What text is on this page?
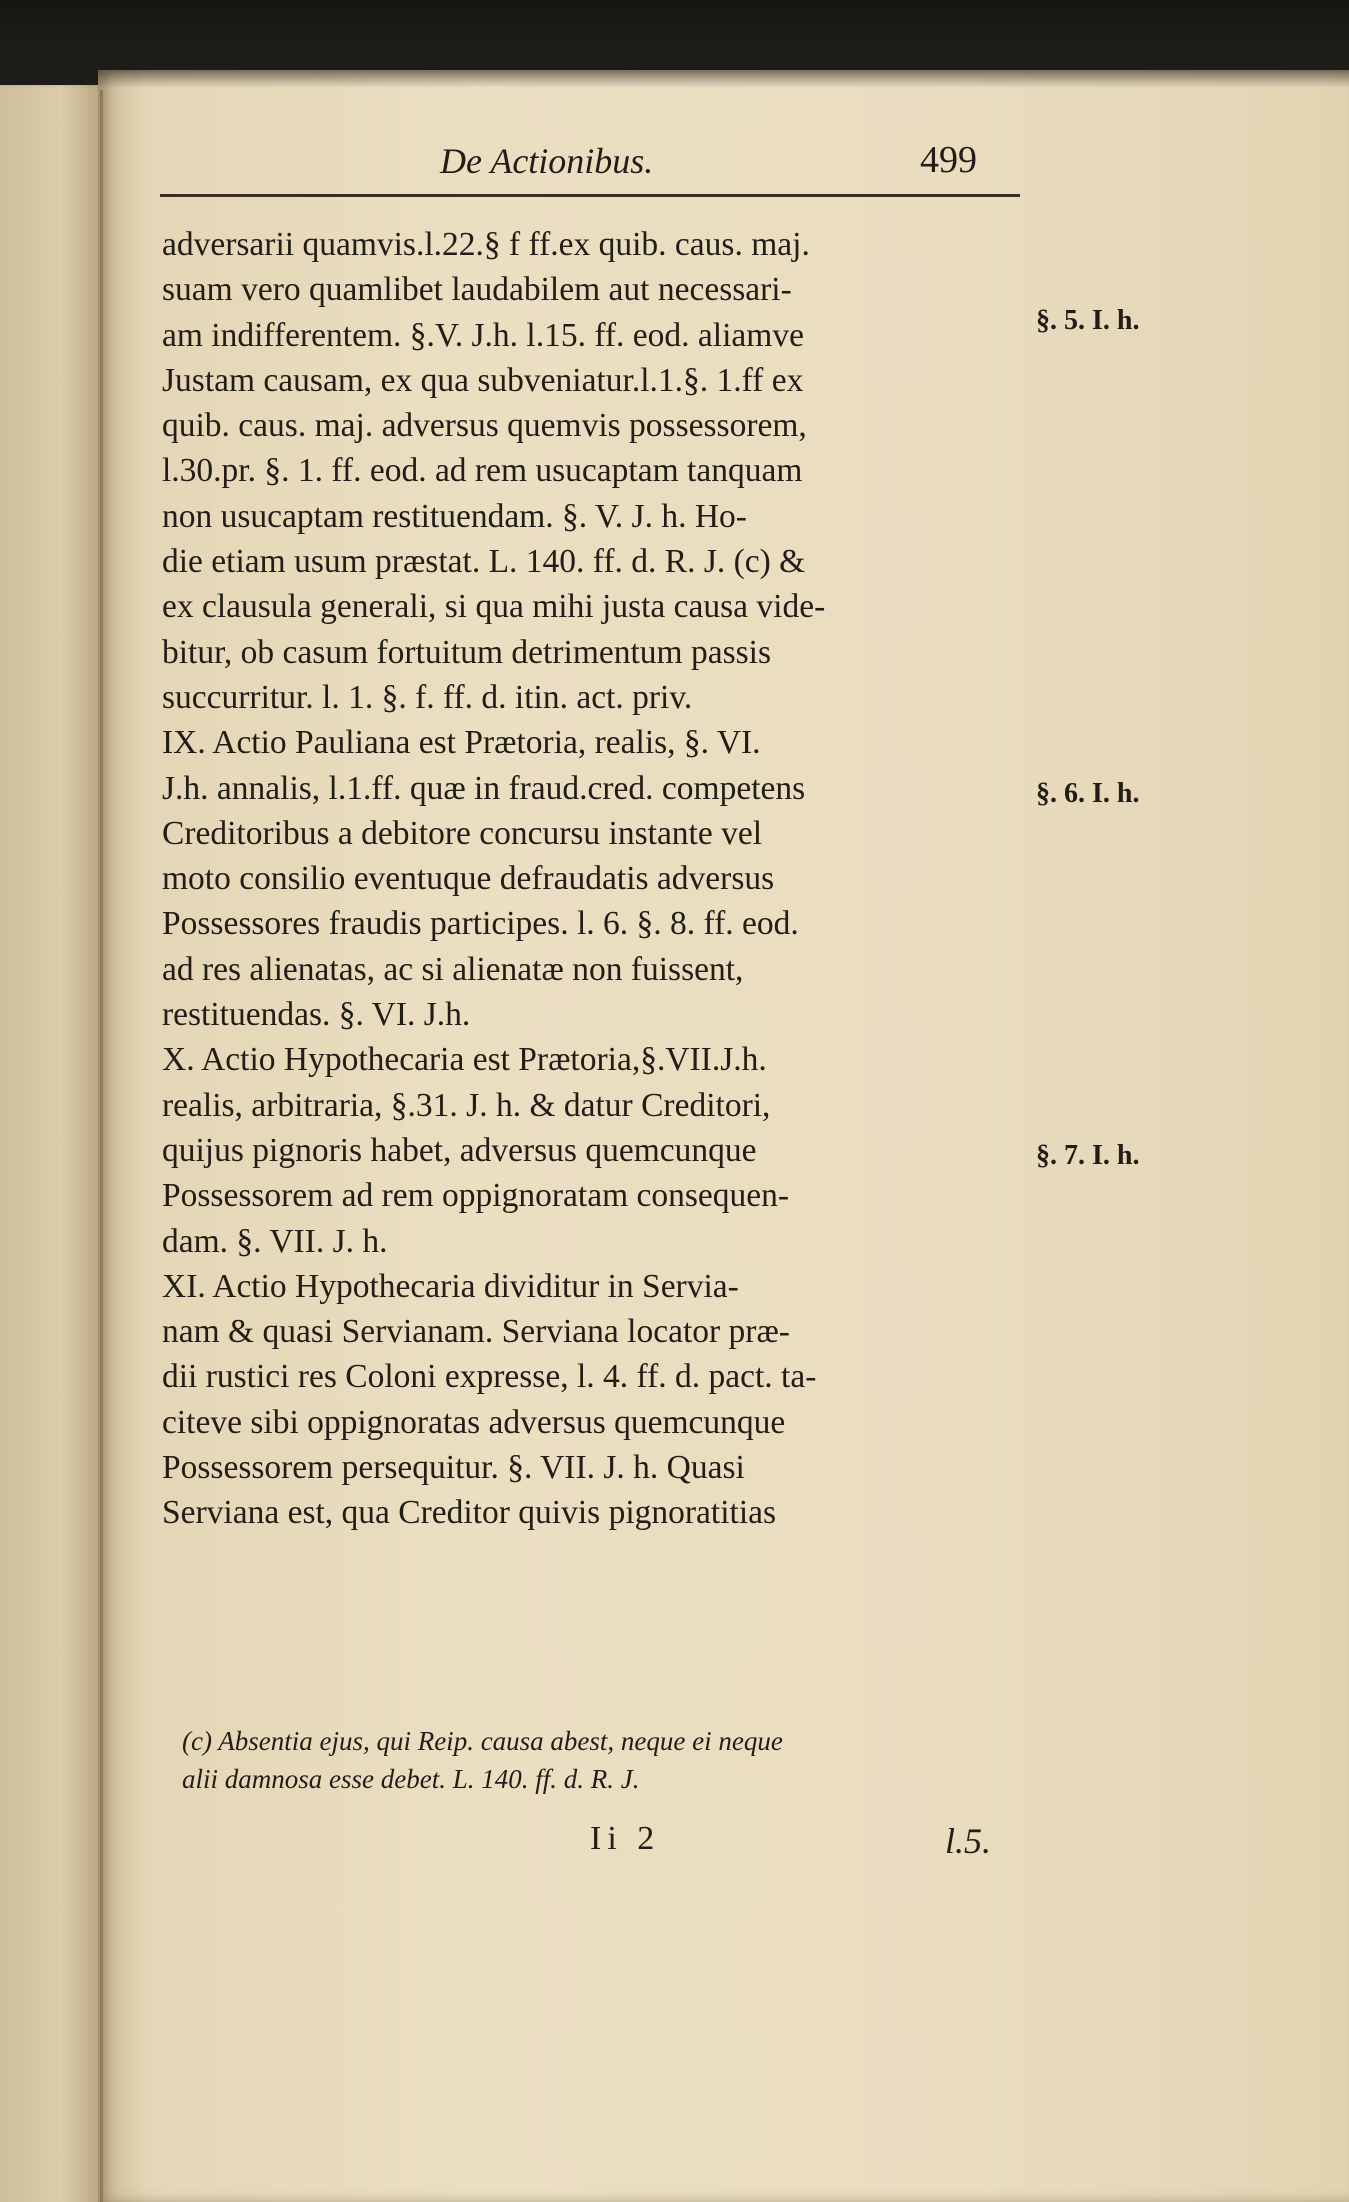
De Actionibus.	499
adversarii quamvis.l.22.§ f ff.ex quib. caus. maj.
suam vero quamlibet laudabilem aut necessari-
am indifferentem. §.V. J.h. l.15. ff. eod. aliamve
Justam causam, ex qua subveniatur.l.1.§. 1.ff ex
quib. caus. maj. adversus quemvis possessorem,
l.30.pr. §. 1. ff. eod. ad rem usucaptam tanquam
non usucaptam restituendam. §. V. J. h. Ho-
die etiam usum præstat. L. 140. ff. d. R. J. (c) &
ex clausula generali, si qua mihi justa causa vide-
bitur, ob casum fortuitum detrimentum passis
succurritur. l. 1. §. f. ff. d. itin. act. priv.
IX. Actio Pauliana est Prætoria, realis, §. VI.
J.h. annalis, l.1.ff. quæ in fraud.cred. competens
Creditoribus a debitore concursu instante vel
moto consilio eventuque defraudatis adversus
Possessores fraudis participes. l. 6. §. 8. ff. eod.
ad res alienatas, ac si alienatæ non fuissent,
restituendas. §. VI. J.h.
X. Actio Hypothecaria est Prætoria,§.VII.J.h.
realis, arbitraria, §.31. J. h. & datur Creditori,
quijus pignoris habet, adversus quemcunque
Possessorem ad rem oppignoratam consequen-
dam. §. VII. J. h.
XI. Actio Hypothecaria dividitur in Servia-
nam & quasi Servianam. Serviana locator præ-
dii rustici res Coloni expresse, l. 4. ff. d. pact. ta-
citeve sibi oppignoratas adversus quemcunque
Possessorem persequitur. §. VII. J. h. Quasi
Serviana est, qua Creditor quivis pignoratitias
§. 5. I. h.
§. 6. I. h.
§. 7. I. h.
(c) Absentia ejus, qui Reip. causa abest, neque ei neque
alii damnosa esse debet. L. 140. ff. d. R. J.
Ii 2	l.5.
